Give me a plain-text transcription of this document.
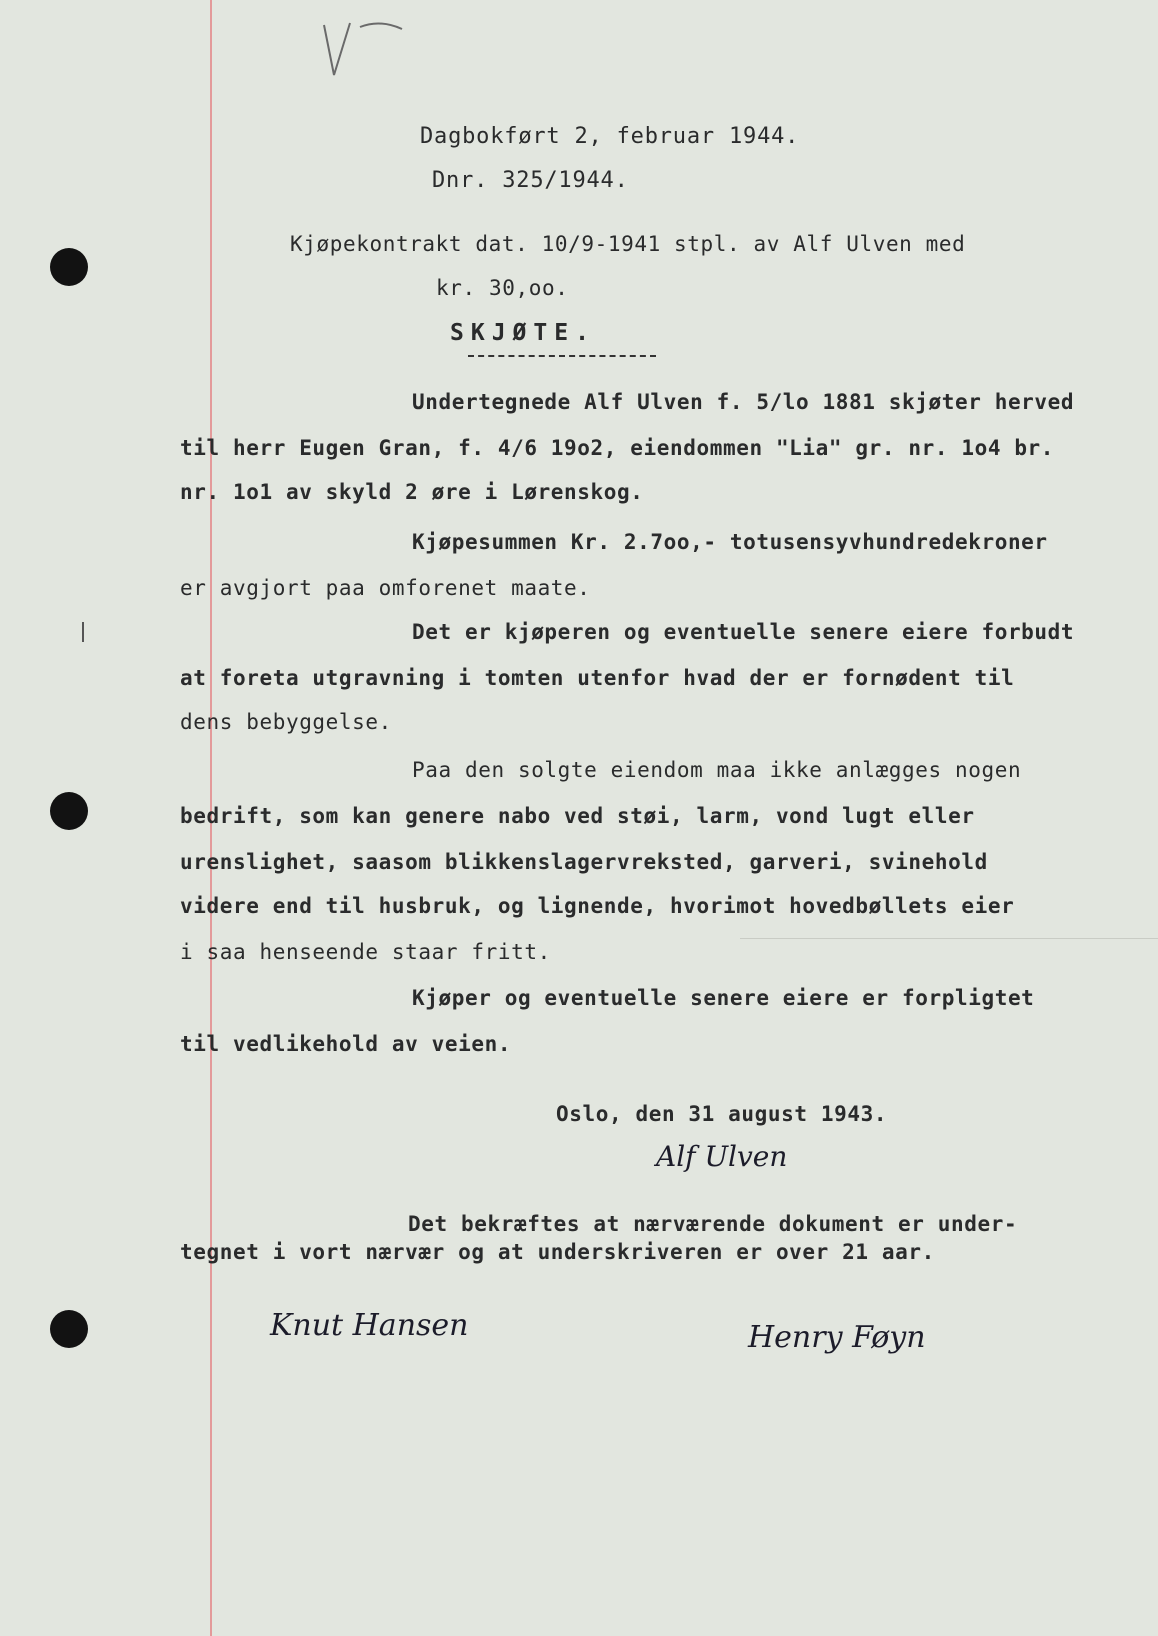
Dagbokført 2, februar 1944.
Dnr. 325/1944.
Kjøpekontrakt dat. 10/9-1941 stpl. av Alf Ulven med
kr. 30,oo.
SKJØTE.
Undertegnede Alf Ulven f. 5/lo 1881 skjøter herved
til herr Eugen Gran, f. 4/6 19o2, eiendommen "Lia" gr. nr. 1o4 br.
nr. 1o1 av skyld 2 øre i Lørenskog.
Kjøpesummen Kr. 2.7oo,- totusensyvhundredekroner
er avgjort paa omforenet maate.
Det er kjøperen og eventuelle senere eiere forbudt
at foreta utgravning i tomten utenfor hvad der er fornødent til
dens bebyggelse.
Paa den solgte eiendom maa ikke anlægges nogen
bedrift, som kan genere nabo ved støi, larm, vond lugt eller
urenslighet, saasom blikkenslagervreksted, garveri, svinehold
videre end til husbruk, og lignende, hvorimot hovedbøllets eier
i saa henseende staar fritt.
Kjøper og eventuelle senere eiere er forpligtet
til vedlikehold av veien.
Oslo, den 31 august 1943.
Alf Ulven
Det bekræftes at nærværende dokument er under-
tegnet i vort nærvær og at underskriveren er over 21 aar.
Knut Hansen	Henry Føyn
